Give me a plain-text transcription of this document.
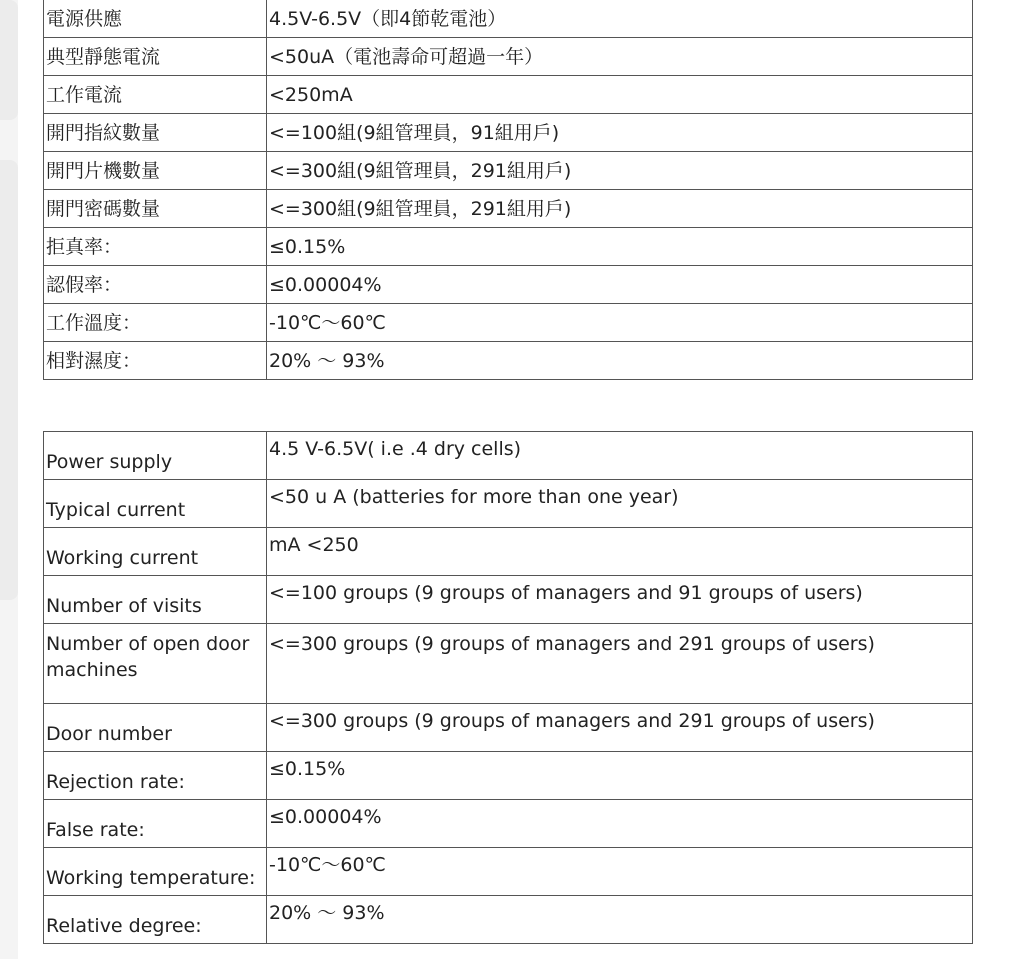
電源供應	4.5V-6.5V（即4節乾電池）
典型靜態電流	<50uA（電池壽命可超過一年）
工作電流	<250mA
開門指紋數量	<=100組(9組管理員，91組用戶)
開門片機數量	<=300組(9組管理員，291組用戶)
開門密碼數量	<=300組(9組管理員，291組用戶)
拒真率：	≤0.15%
認假率：	≤0.00004%
工作溫度：	-10℃～60℃
相對濕度：	20% ～ 93%
Power supply	4.5 V-6.5V( i.e .4 dry cells)
Typical current	<50 u A (batteries for more than one year)
Working current	mA <250
Number of visits	<=100 groups (9 groups of managers and 91 groups of users)
Number of open door machines	<=300 groups (9 groups of managers and 291 groups of users)
Door number	<=300 groups (9 groups of managers and 291 groups of users)
Rejection rate:	≤0.15%
False rate:	≤0.00004%
Working temperature:	-10℃～60℃
Relative degree:	20% ～ 93%
